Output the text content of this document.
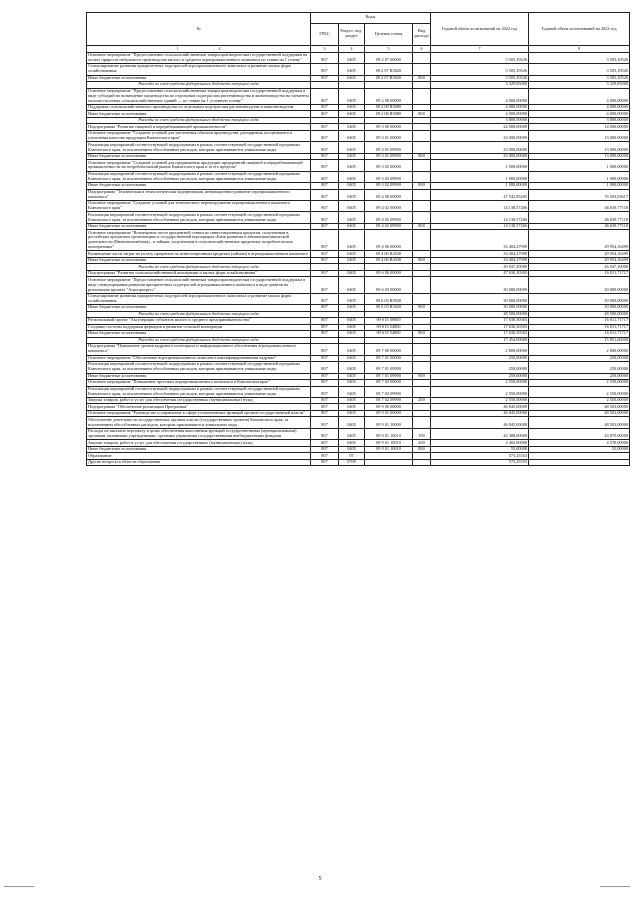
№	Коды				Годовой объем ассигнований на 2022 год	Годовой объем ассигнований на 2023 год
	ГРБС	Раздел, под-раздел	Целевая статья	Вид расхода		
1 2	3	4	5	6	7	8
Основное мероприятие "Предоставление сельскохозяйственным товаропроизводителям государственной поддержки на оплату прироста небольшого производства малого и среднего агропромышленного комплекса по ставке на 1 голову"	807	0405	09 2 07 00000		3 505,10526	3 505,10526
Стимулирование развития приоритетных подотраслей агропромышленного комплекса и развитие малых форм хозяйствования	807	0405	09 2 07 R5020		3 505,10526	3 505,10526
Иные бюджетные ассигнования	807	0405	09 2 07 R5020	800	3 505,10526	3 505,10526
Расходы за счет средств федерального бюджета текущего года					3 329,85000	3 329,85000
Основное мероприятие "Предоставление сельскохозяйственным товаропроизводителям государственной поддержки в виде субсидий на возмещение производства по отдельным подотраслям растениеводства и животноводства на элементы молочно-полевых сельскохозяйственных зданий — по ставке на 1 условную голову"	807	0405	09 2 08 00000		4 000,00000	4 000,00000
Поддержка сельскохозяйственного производства по отдельным подотраслям растениеводства и животноводства	807	0405	09 2 08 R5080		4 000,00000	4 000,00000
Иные бюджетные ассигнования	807	0405	09 2 08 R5080	800	4 000,00000	4 000,00000
Расходы за счет средств федерального бюджета текущего года					3 800,00000	3 800,00000
Подпрограмма "Развитие пищевой и перерабатывающей промышленности"	807	0405	09 3 00 00000		24 000,00000	14 000,00000
Основное мероприятие "Создание условий для увеличения объемов производства, расширения ассортимента и улучшения качества продукции Камчатского края"	807	0405	09 3 01 00000		23 000,00000	13 000,00000
Реализация мероприятий соответствующей подпрограммы в рамках соответствующей государственной программы Камчатского края, за исключением обособленных расходов, которым присваиваются уникальные коды	807	0405	09 3 01 09990		23 000,00000	13 000,00000
Иные бюджетные ассигнования	807	0405	09 3 01 09990	800	23 000,00000	13 000,00000
Основное мероприятие "Создание условий для продвижения продукции предприятий пищевой и перерабатывающей промышленности на потребительский рынок Камчатского края и за его пределы"	807	0405	09 3 02 00000		1 000,00000	1 000,00000
Реализация мероприятий соответствующей подпрограммы в рамках соответствующей государственной программы Камчатского края, за исключением обособленных расходов, которым присваиваются уникальные коды	807	0405	09 3 02 09990		1 000,00000	1 000,00000
Иные бюджетные ассигнования	807	0405	09 3 02 09990	800	1 000,00000	1 000,00000
Подпрограмма "Техническая и технологическая модернизация, инновационное развитие агропромышленного комплекса"	807	0405	09 4 00 00000		47 542,85265	76 593,93617
Основное мероприятие "Создание условий для технического перевооружения агропромышленного комплекса Камчатского края"	807	0405	09 4 02 00000		14 138,57266	46 639,77118
Реализация мероприятий соответствующей подпрограммы в рамках соответствующей государственной программы Камчатского края, за исключением обособленных расходов, которым присваиваются уникальные коды	807	0405	09 4 02 09990		14 138,57266	46 639,77118
Иные бюджетные ассигнования	807	0405	09 4 02 09990	800	14 138,57266	46 639,77118
Основное мероприятие "Возмещение части процентной ставки по инвестиционным кредитам, полученным в российских кредитных организациях и государственной корпорации «Банк развития и внешнеэкономической деятельности (Внешэкономбанк)», и займам, полученным в сельскохозяйственных кредитных потребительских кооперативах"	807	0405	09 4 06 00000		33 404,27999	29 954,16499
Возмещение части затрат на уплату процентов по инвестиционным кредитам (займам) в агропромышленном комплексе	807	0405	09 4 06 R4330		33 404,27999	29 954,16499
Иные бюджетные ассигнования	807	0405	09 4 06 R4330	800	33 404,27999	29 954,16499
Расходы за счет средств федерального бюджета текущего года					29 047,20000	26 047,10000
Подпрограмма "Развитие сельскохозяйственной кооперации и малых форм хозяйствования"	807	0405	09 6 00 00000		47 630,30303	16 011,71717
Основное мероприятие "Предоставление сельскохозяйственным товаропроизводителям государственной поддержки в виде стимулирования развития приоритетных подотраслей агропромышленного комплекса в виде грантов на реализацию проекта "Агропрогресс"	807	0405	09 6 03 00000		30 000,00000	30 000,00000
Стимулирование развития приоритетных подотраслей агропромышленного комплекса и развитие малых форм хозяйствования	807	0405	09 6 03 R5020		30 000,00000	30 000,00000
Иные бюджетные ассигнования	807	0405	09 6 03 R5020	800	30 000,00000	30 000,00000
Расходы за счет средств федерального бюджета текущего года					28 500,00000	28 500,00000
Региональный проект "Акселерация субъектов малого и среднего предпринимательства"	807	0405	09 6 I5 00000		17 630,30303	16 011,71717
Создание системы поддержки фермеров и развитие сельской кооперации	807	0405	09 6 I5 54800		17 630,30303	16 011,71717
Иные бюджетные ассигнования	807	0405	09 6 I5 54800	800	17 630,30303	16 011,71717
Расходы за счет средств федерального бюджета текущего года					17 454,00000	15 851,60000
Подпрограмма "Повышение уровня кадрового потенциала и информационного обеспечения агропромышленного комплекса"	807	0405	09 7 00 00000		2 800,00000	2 800,00000
Основное мероприятие "Обеспечение агропромышленного комплекса квалифицированными кадрами"	807	0405	09 7 01 00000		250,00000	250,00000
Реализация мероприятий соответствующей подпрограммы в рамках соответствующей государственной программы Камчатского края, за исключением обособленных расходов, которым присваиваются уникальные коды	807	0405	09 7 01 09990		250,00000	250,00000
Иные бюджетные ассигнования	807	0405	09 7 01 09990	800	250,00000	250,00000
Основное мероприятие "Повышение престижа агропромышленного комплекса в Камчатском крае"	807	0405	09 7 02 00000		2 550,00000	2 550,00000
Реализация мероприятий соответствующей подпрограммы в рамках соответствующей государственной программы Камчатского края, за исключением обособленных расходов, которым присваиваются уникальные коды	807	0405	09 7 02 09990		2 550,00000	2 550,00000
Закупка товаров, работ и услуг для обеспечения государственных (муниципальных) нужд	807	0405	09 7 02 09990	200	2 550,00000	2 550,00000
Подпрограмма "Обеспечение реализации Программы"	807	0405	09 9 00 00000		46 845,00000	48 503,00000
Основное мероприятие "Руководство и управление в сфере установленных функций органов государственной власти"	807	0405	09 9 01 00000		46 845,00000	48 503,00000
Обеспечение деятельности государственных органов власти (государственных органов) Камчатского края, за исключением обособленных расходов, которым присваиваются уникальные коды	807	0405	09 9 01 10000		46 845,00000	48 503,00000
Расходы на выплаты персоналу в целях обеспечения выполнения функций государственными (муниципальными) органами, казенными учреждениями, органами управления государственными внебюджетными фондами	807	0405	09 9 01 10010	100	42 388,00000	43 870,00000
Закупка товаров, работ и услуг для обеспечения государственных (муниципальных) нужд	807	0405	09 9 01 10010	200	4 402,00000	4 578,00000
Иные бюджетные ассигнования	807	0405	09 9 01 10010	800	55,00000	55,00000
Образование	807	07			575,25353	
Другие вопросы в области образования	807	0709			575,25353	
5
